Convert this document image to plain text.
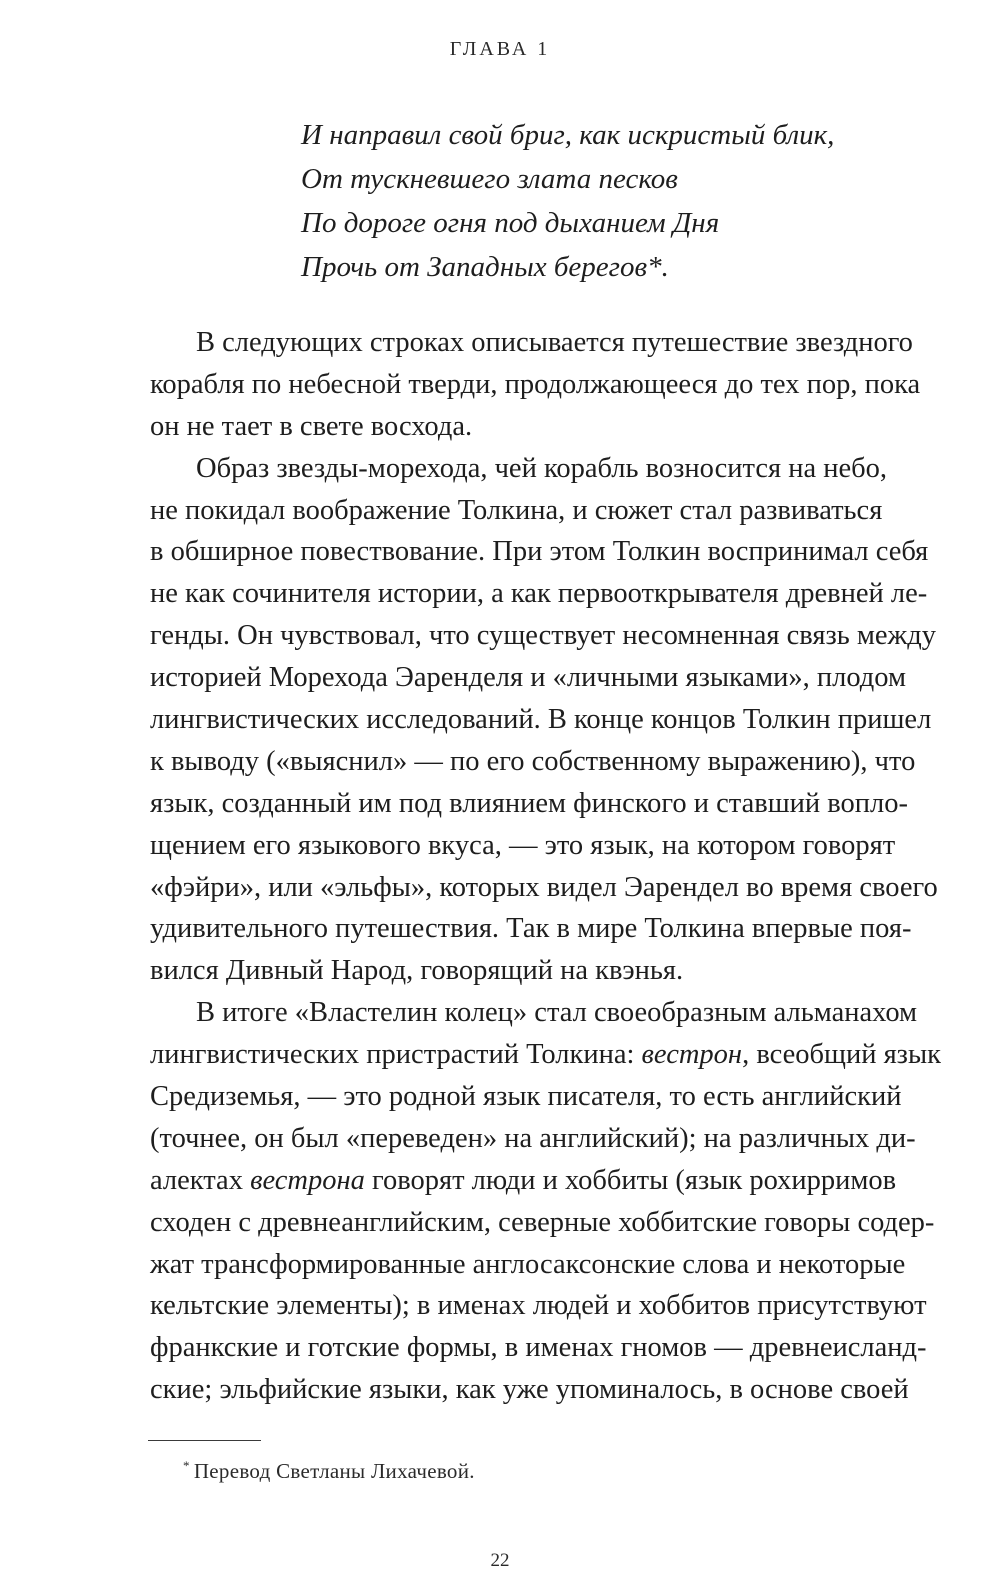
ГЛАВА 1
И направил свой бриг, как искристый блик,
От тускневшего злата песков
По дороге огня под дыханием Дня
Прочь от Западных берегов*.
В следующих строках описывается путешествие звездного
корабля по небесной тверди, продолжающееся до тех пор, пока
он не тает в свете восхода.
Образ звезды-морехода, чей корабль возносится на небо,
не покидал воображение Толкина, и сюжет стал развиваться
в обширное повествование. При этом Толкин воспринимал себя
не как сочинителя истории, а как первооткрывателя древней ле-
генды. Он чувствовал, что существует несомненная связь между
историей Морехода Эаренделя и «личными языками», плодом
лингвистических исследований. В конце концов Толкин пришел
к выводу («выяснил» — по его собственному выражению), что
язык, созданный им под влиянием финского и ставший вопло-
щением его языкового вкуса, — это язык, на котором говорят
«фэйри», или «эльфы», которых видел Эарендел во время своего
удивительного путешествия. Так в мире Толкина впервые поя-
вился Дивный Народ, говорящий на квэнья.
В итоге «Властелин колец» стал своеобразным альманахом
лингвистических пристрастий Толкина: вестрон, всеобщий язык
Средиземья, — это родной язык писателя, то есть английский
(точнее, он был «переведен» на английский); на различных ди-
алектах вестрона говорят люди и хоббиты (язык рохирримов
сходен с древнеанглийским, северные хоббитские говоры содер-
жат трансформированные англосаксонские слова и некоторые
кельтские элементы); в именах людей и хоббитов присутствуют
франкские и готские формы, в именах гномов — древнеисланд-
ские; эльфийские языки, как уже упоминалось, в основе своей
* Перевод Светланы Лихачевой.
22
